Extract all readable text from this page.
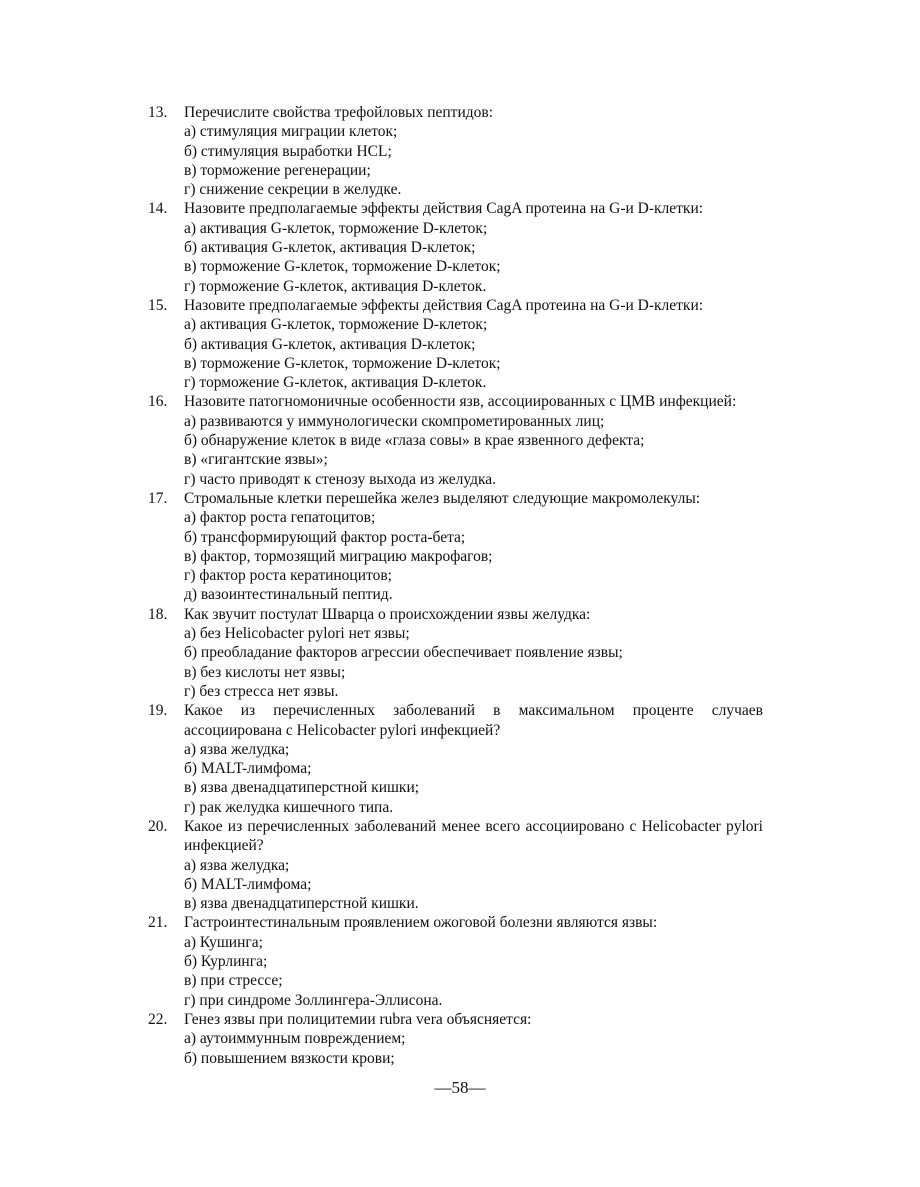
13. Перечислите свойства трефойловых пептидов:
а) стимуляция миграции клеток;
б) стимуляция выработки HCL;
в) торможение регенерации;
г) снижение секреции в желудке.
14. Назовите предполагаемые эффекты действия CagA протеина на G-и D-клетки:
а) активация G-клеток, торможение D-клеток;
б) активация G-клеток, активация D-клеток;
в) торможение G-клеток, торможение D-клеток;
г) торможение G-клеток, активация D-клеток.
15. Назовите предполагаемые эффекты действия CagA протеина на G-и D-клетки:
а) активация G-клеток, торможение D-клеток;
б) активация G-клеток, активация D-клеток;
в) торможение G-клеток, торможение D-клеток;
г) торможение G-клеток, активация D-клеток.
16. Назовите патогномоничные особенности язв, ассоциированных с ЦМВ инфекцией:
а) развиваются у иммунологически скомпрометированных лиц;
б) обнаружение клеток в виде «глаза совы» в крае язвенного дефекта;
в) «гигантские язвы»;
г) часто приводят к стенозу выхода из желудка.
17. Стромальные клетки перешейка желез выделяют следующие макромолекулы:
а) фактор роста гепатоцитов;
б) трансформирующий фактор роста-бета;
в) фактор, тормозящий миграцию макрофагов;
г) фактор роста кератиноцитов;
д) вазоинтестинальный пептид.
18. Как звучит постулат Шварца о происхождении язвы желудка:
а) без Helicobacter pylori нет язвы;
б) преобладание факторов агрессии обеспечивает появление язвы;
в) без кислоты нет язвы;
г) без стресса нет язвы.
19. Какое из перечисленных заболеваний в максимальном проценте случаев ассоциирована с Helicobacter pylori инфекцией?
а) язва желудка;
б) MALT-лимфома;
в) язва двенадцатиперстной кишки;
г) рак желудка кишечного типа.
20. Какое из перечисленных заболеваний менее всего ассоциировано с Helicobacter pylori инфекцией?
а) язва желудка;
б) MALT-лимфома;
в) язва двенадцатиперстной кишки.
21. Гастроинтестинальным проявлением ожоговой болезни являются язвы:
а) Кушинга;
б) Курлинга;
в) при стрессе;
г) при синдроме Золлингера-Эллисона.
22. Генез язвы при полицитемии rubra vera объясняется:
а) аутоиммунным повреждением;
б) повышением вязкости крови;
—58—
